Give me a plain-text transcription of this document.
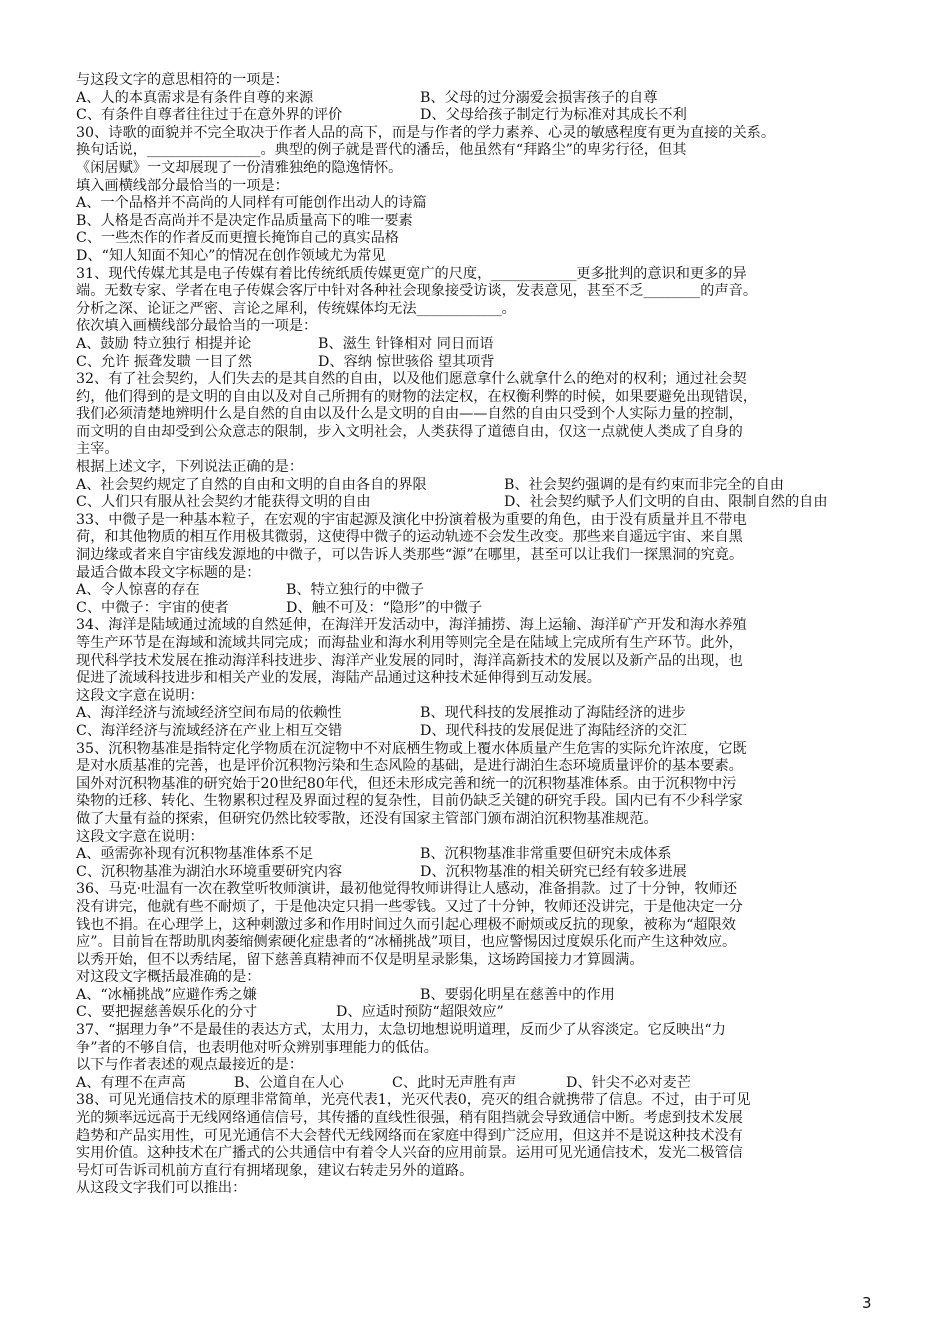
与这段文字的意思相符的一项是：
A、人的本真需求是有条件自尊的来源	B、父母的过分溺爱会损害孩子的自尊
C、有条件自尊者往往过于在意外界的评价	D、父母给孩子制定行为标准对其成长不利
30、诗歌的面貌并不完全取决于作者人品的高下，而是与作者的学力素养、心灵的敏感程度有更为直接的关系。
换句话说，________________。典型的例子就是晋代的潘岳，他虽然有“拜路尘”的卑劣行径，但其
《闲居赋》一文却展现了一份清雅独绝的隐逸情怀。
填入画横线部分最恰当的一项是：
A、一个品格并不高尚的人同样有可能创作出动人的诗篇
B、人格是否高尚并不是决定作品质量高下的唯一要素
C、一些杰作的作者反而更擅长掩饰自己的真实品格
D、“知人知面不知心”的情况在创作领域尤为常见
31、现代传媒尤其是电子传媒有着比传统纸质传媒更宽广的尺度，____________更多批判的意识和更多的异
端。无数专家、学者在电子传媒会客厅中针对各种社会现象接受访谈，发表意见，甚至不乏________的声音。
分析之深、论证之严密、言论之犀利，传统媒体均无法____________。
依次填入画横线部分最恰当的一项是：
A、鼓励 特立独行 相提并论	B、滋生 针锋相对 同日而语
C、允许 振聋发聩 一目了然	D、容纳 惊世骇俗 望其项背
32、有了社会契约，人们失去的是其自然的自由，以及他们愿意拿什么就拿什么的绝对的权利；通过社会契
约，他们得到的是文明的自由以及对自己所拥有的财物的法定权，在权衡利弊的时候，如果要避免出现错误，
我们必须清楚地辨明什么是自然的自由以及什么是文明的自由——自然的自由只受到个人实际力量的控制，
而文明的自由却受到公众意志的限制，步入文明社会，人类获得了道德自由，仅这一点就使人类成了自身的
主宰。
根据上述文字，下列说法正确的是：
A、社会契约规定了自然的自由和文明的自由各自的界限	B、社会契约强调的是有约束而非完全的自由
C、人们只有服从社会契约才能获得文明的自由	D、社会契约赋予人们文明的自由、限制自然的自由
33、中微子是一种基本粒子，在宏观的宇宙起源及演化中扮演着极为重要的角色，由于没有质量并且不带电
荷，和其他物质的相互作用极其微弱，这使得中微子的运动轨迹不会发生改变。那些来自遥远宇宙、来自黑
洞边缘或者来自宇宙线发源地的中微子，可以告诉人类那些“源”在哪里，甚至可以让我们一探黑洞的究竟。
最适合做本段文字标题的是：
A、令人惊喜的存在	B、特立独行的中微子
C、中微子：宇宙的使者	D、触不可及：“隐形”的中微子
34、海洋是陆域通过流域的自然延伸，在海洋开发活动中，海洋捕捞、海上运输、海洋矿产开发和海水养殖
等生产环节是在海域和流域共同完成；而海盐业和海水利用等则完全是在陆域上完成所有生产环节。此外，
现代科学技术发展在推动海洋科技进步、海洋产业发展的同时，海洋高新技术的发展以及新产品的出现，也
促进了流域科技进步和相关产业的发展，海陆产品通过这种技术延伸得到互动发展。
这段文字意在说明：
A、海洋经济与流域经济空间布局的依赖性	B、现代科技的发展推动了海陆经济的进步
C、海洋经济与流域经济在产业上相互交错	D、现代科技的发展促进了海陆经济的交汇
35、沉积物基准是指特定化学物质在沉淀物中不对底栖生物或上覆水体质量产生危害的实际允许浓度，它既
是对水质基准的完善，也是评价沉积物污染和生态风险的基础，是进行湖泊生态环境质量评价的基本要素。
国外对沉积物基准的研究始于20世纪80年代，但还未形成完善和统一的沉积物基准体系。由于沉积物中污
染物的迁移、转化、生物累积过程及界面过程的复杂性，目前仍缺乏关键的研究手段。国内已有不少科学家
做了大量有益的探索，但研究仍然比较零散，还没有国家主管部门颁布湖泊沉积物基准规范。
这段文字意在说明：
A、亟需弥补现有沉积物基准体系不足	B、沉积物基准非常重要但研究未成体系
C、沉积物基准为湖泊水环境重要研究内容	D、沉积物基准的相关研究已经有较多进展
36、马克·吐温有一次在教堂听牧师演讲，最初他觉得牧师讲得让人感动，准备捐款。过了十分钟，牧师还
没有讲完，他就有些不耐烦了，于是他决定只捐一些零钱。又过了十分钟，牧师还没讲完，于是他决定一分
钱也不捐。在心理学上，这种刺激过多和作用时间过久而引起心理极不耐烦或反抗的现象，被称为“超限效
应”。目前旨在帮助肌肉萎缩侧索硬化症患者的“冰桶挑战”项目，也应警惕因过度娱乐化而产生这种效应。
以秀开始，但不以秀结尾，留下慈善真精神而不仅是明星录影集，这场跨国接力才算圆满。
对这段文字概括最准确的是：
A、“冰桶挑战”应避作秀之嫌	B、要弱化明星在慈善中的作用
C、要把握慈善娱乐化的分寸	D、应适时预防“超限效应”
37、“据理力争”不是最佳的表达方式，太用力，太急切地想说明道理，反而少了从容淡定。它反映出“力
争”者的不够自信，也表明他对听众辨别事理能力的低估。
以下与作者表述的观点最接近的是：
A、有理不在声高	B、公道自在人心	C、此时无声胜有声	D、针尖不必对麦芒
38、可见光通信技术的原理非常简单，光亮代表1，光灭代表0，亮灭的组合就携带了信息。不过，由于可见
光的频率远远高于无线网络通信信号，其传播的直线性很强，稍有阻挡就会导致通信中断。考虑到技术发展
趋势和产品实用性，可见光通信不大会替代无线网络而在家庭中得到广泛应用，但这并不是说这种技术没有
实用价值。这种技术在广播式的公共通信中有着令人兴奋的应用前景。运用可见光通信技术，发光二极管信
号灯可告诉司机前方直行有拥堵现象，建议右转走另外的道路。
从这段文字我们可以推出：
3
